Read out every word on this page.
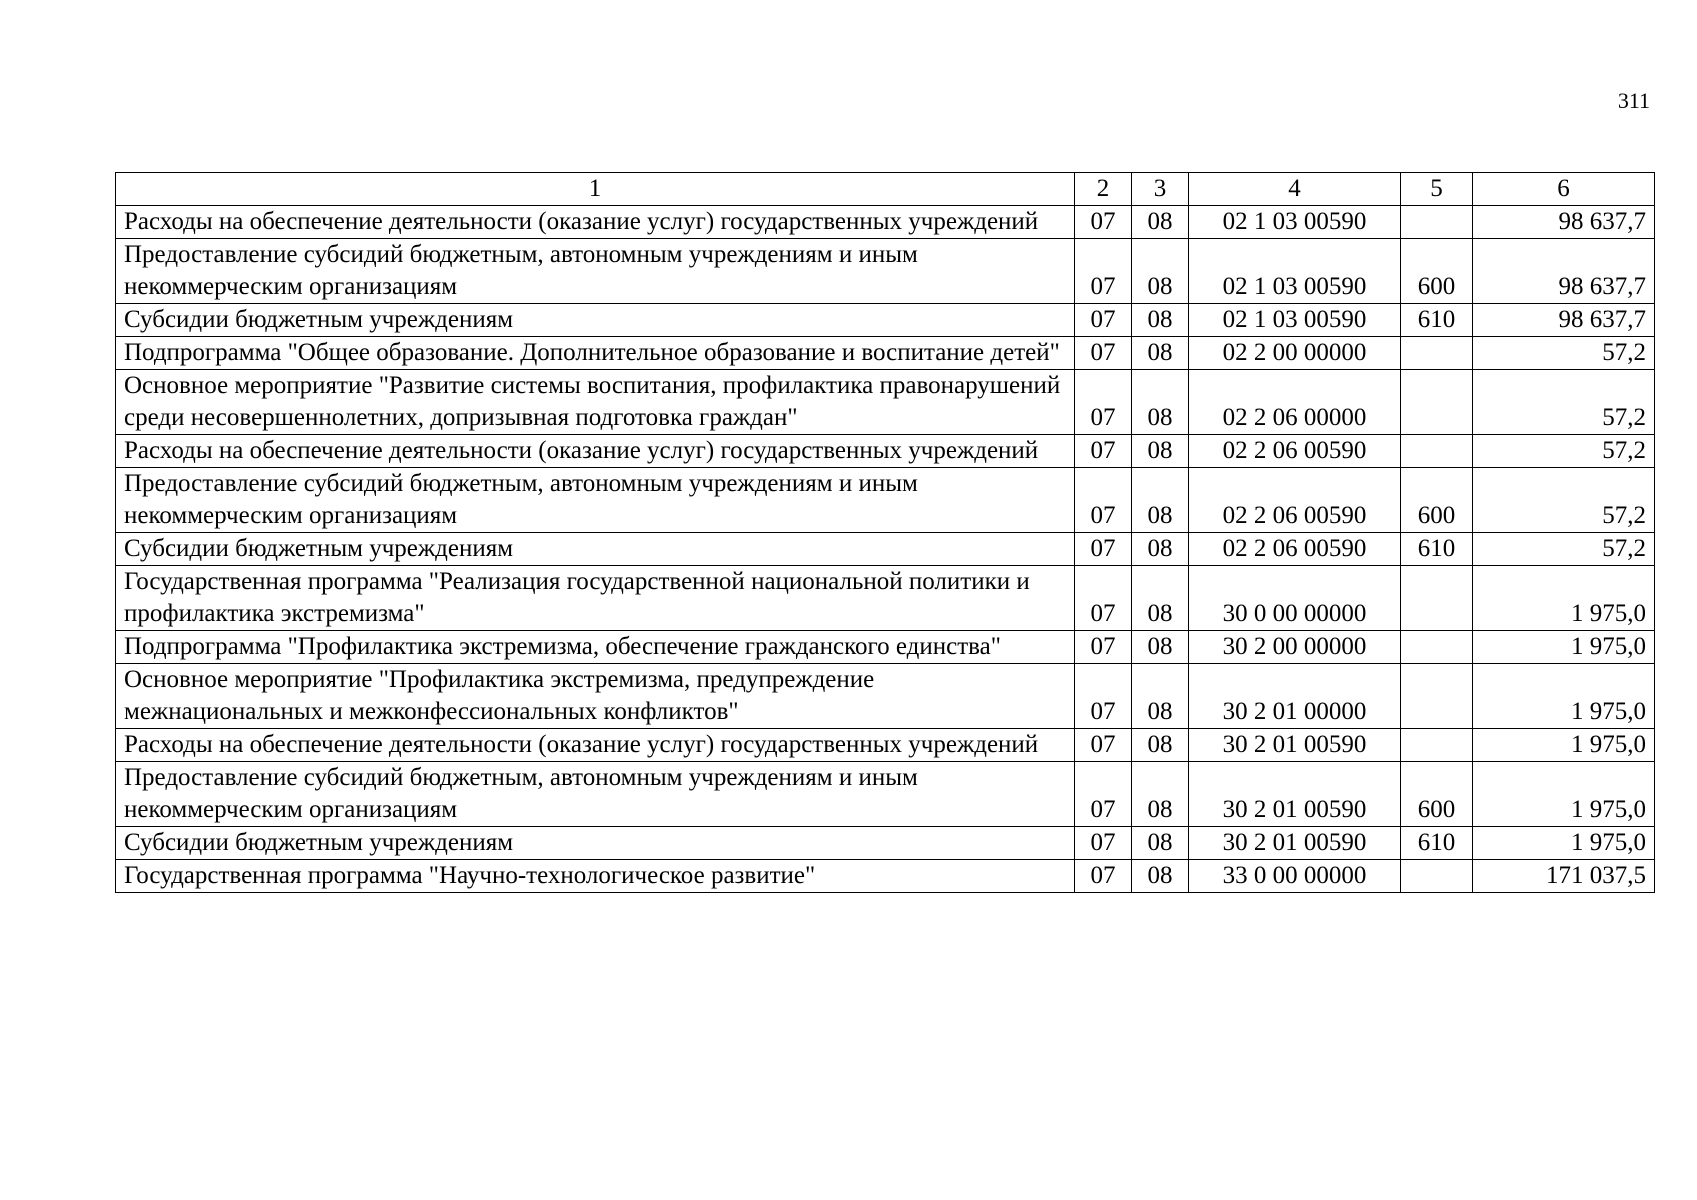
311
1	2	3	4	5	6
Расходы на обеспечение деятельности (оказание услуг) государственных учреждений	07	08	02 1 03 00590		98 637,7
Предоставление субсидий бюджетным, автономным учреждениям и иным некоммерческим организациям	07	08	02 1 03 00590	600	98 637,7
Субсидии бюджетным учреждениям	07	08	02 1 03 00590	610	98 637,7
Подпрограмма "Общее образование. Дополнительное образование и воспитание детей"	07	08	02 2 00 00000		57,2
Основное мероприятие "Развитие системы воспитания, профилактика правонарушений среди несовершеннолетних, допризывная подготовка граждан"	07	08	02 2 06 00000		57,2
Расходы на обеспечение деятельности (оказание услуг) государственных учреждений	07	08	02 2 06 00590		57,2
Предоставление субсидий бюджетным, автономным учреждениям и иным некоммерческим организациям	07	08	02 2 06 00590	600	57,2
Субсидии бюджетным учреждениям	07	08	02 2 06 00590	610	57,2
Государственная программа "Реализация государственной национальной политики и профилактика экстремизма"	07	08	30 0 00 00000		1 975,0
Подпрограмма "Профилактика экстремизма, обеспечение гражданского единства"	07	08	30 2 00 00000		1 975,0
Основное мероприятие "Профилактика экстремизма, предупреждение межнациональных и межконфессиональных конфликтов"	07	08	30 2 01 00000		1 975,0
Расходы на обеспечение деятельности (оказание услуг) государственных учреждений	07	08	30 2 01 00590		1 975,0
Предоставление субсидий бюджетным, автономным учреждениям и иным некоммерческим организациям	07	08	30 2 01 00590	600	1 975,0
Субсидии бюджетным учреждениям	07	08	30 2 01 00590	610	1 975,0
Государственная программа "Научно-технологическое развитие"	07	08	33 0 00 00000		171 037,5
